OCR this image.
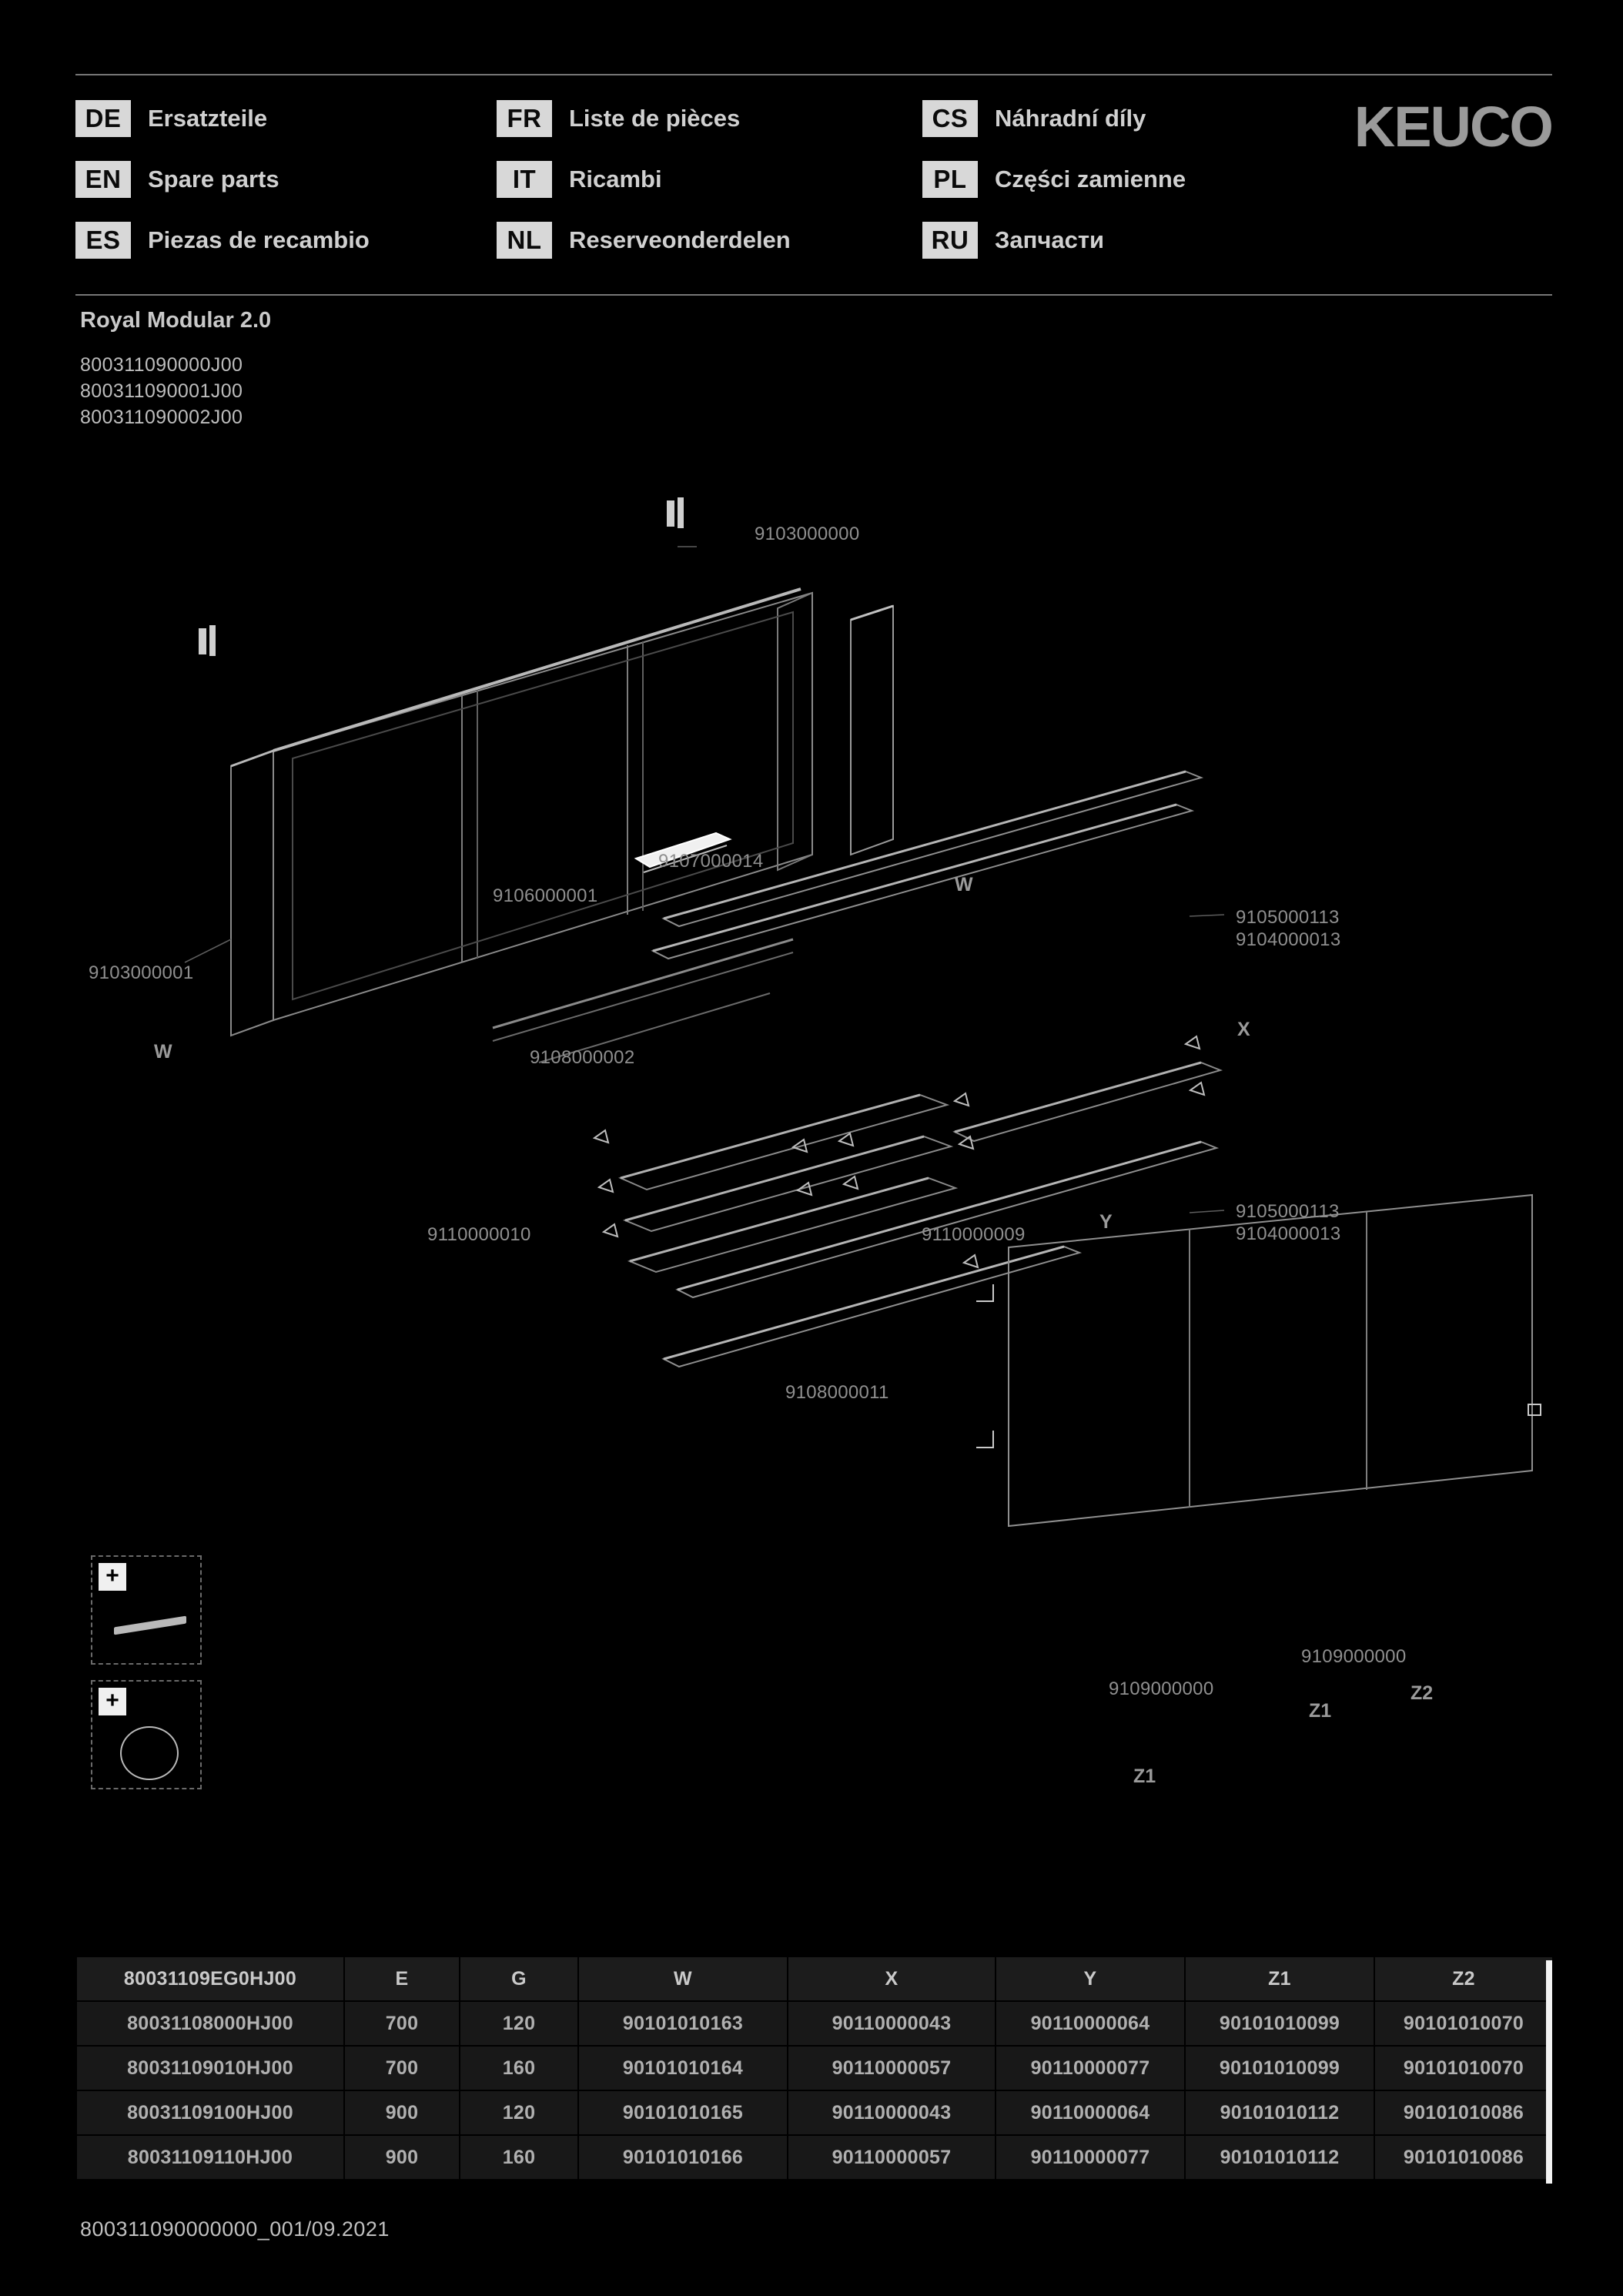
DE	Ersatzteile
EN	Spare parts
ES	Piezas de recambio
FR	Liste de pièces
IT	Ricambi
NL	Reserveonderdelen
CS	Náhradní díly
PL	Części zamienne
RU	Запчасти
KEUCO
Royal Modular 2.0
800311090000J00
800311090001J00
800311090002J00
9103000000
9103000001
9106000001
9107000014
9108000002
9105000113
9104000013
9105000113
9104000013
9110000010	9110000009
9108000011
9109000000
9109000000
W
W
X
Y
Z1
Z1
Z2
+
+
80031109EG0HJ00	E	G	W	X	Y	Z1	Z2
80031108000HJ00	700	120	90101010163	90110000043	90110000064	90101010099	90101010070
80031109010HJ00	700	160	90101010164	90110000057	90110000077	90101010099	90101010070
80031109100HJ00	900	120	90101010165	90110000043	90110000064	90101010112	90101010086
80031109110HJ00	900	160	90101010166	90110000057	90110000077	90101010112	90101010086
800311090000000_001/09.2021
